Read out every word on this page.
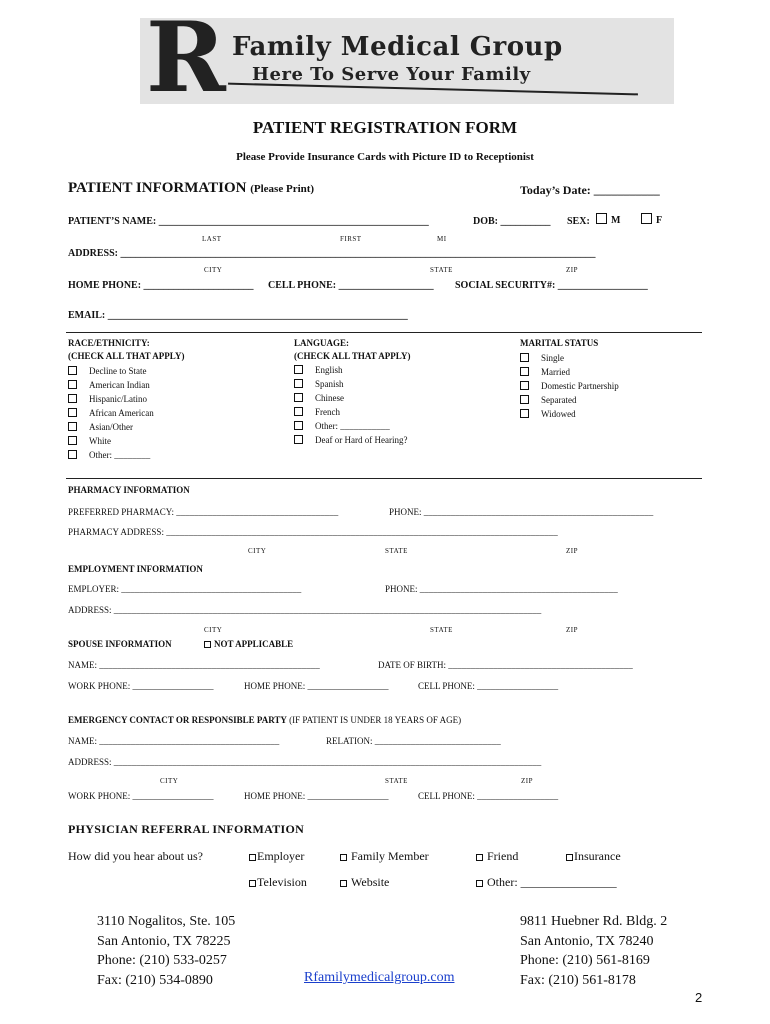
R Family Medical Group
Here To Serve Your Family
PATIENT REGISTRATION FORM
Please Provide Insurance Cards with Picture ID to Receptionist
PATIENT INFORMATION (Please Print)	Today’s Date: ___________
PATIENT’S NAME: ______________________________________________________	DOB: __________ SEX:	M	F
LAST	FIRST	MI
ADDRESS: _______________________________________________________________________________________________
CITY	STATE	ZIP
HOME PHONE: ______________________ CELL PHONE: ___________________ SOCIAL SECURITY#: __________________
EMAIL: ____________________________________________________________
RACE/ETHNICITY:
(CHECK ALL THAT APPLY)
Decline to State
American Indian
Hispanic/Latino
African American
Asian/Other
White
Other: ________
LANGUAGE:
(CHECK ALL THAT APPLY)
English
Spanish
Chinese
French
Other: ___________
Deaf or Hard of Hearing?
MARITAL STATUS
Single
Married
Domestic Partnership
Separated
Widowed
PHARMACY INFORMATION
PREFERRED PHARMACY: ____________________________________	PHONE: ___________________________________________________
PHARMACY ADDRESS: _______________________________________________________________________________________
CITY	STATE	ZIP
EMPLOYMENT INFORMATION
EMPLOYER: ________________________________________	PHONE: ____________________________________________
ADDRESS: _______________________________________________________________________________________________
CITY	STATE	ZIP
SPOUSE INFORMATION	NOT APPLICABLE
NAME: _________________________________________________	DATE OF BIRTH: _________________________________________
WORK PHONE: __________________	HOME PHONE: __________________	CELL PHONE: __________________
EMERGENCY CONTACT OR RESPONSIBLE PARTY (IF PATIENT IS UNDER 18 YEARS OF AGE)
NAME: ________________________________________	RELATION: ____________________________
ADDRESS: _______________________________________________________________________________________________
CITY	STATE	ZIP
WORK PHONE: __________________	HOME PHONE: __________________	CELL PHONE: __________________
PHYSICIAN REFERRAL INFORMATION
How did you hear about us?	Employer	Family Member	Friend	Insurance
Television	Website	Other: ________________
3110 Nogalitos, Ste. 105
San Antonio, TX 78225
Phone: (210) 533-0257
Fax: (210) 534-0890	Rfamilymedicalgroup.com
9811 Huebner Rd. Bldg. 2
San Antonio, TX 78240
Phone: (210) 561-8169
Fax: (210) 561-8178
2
